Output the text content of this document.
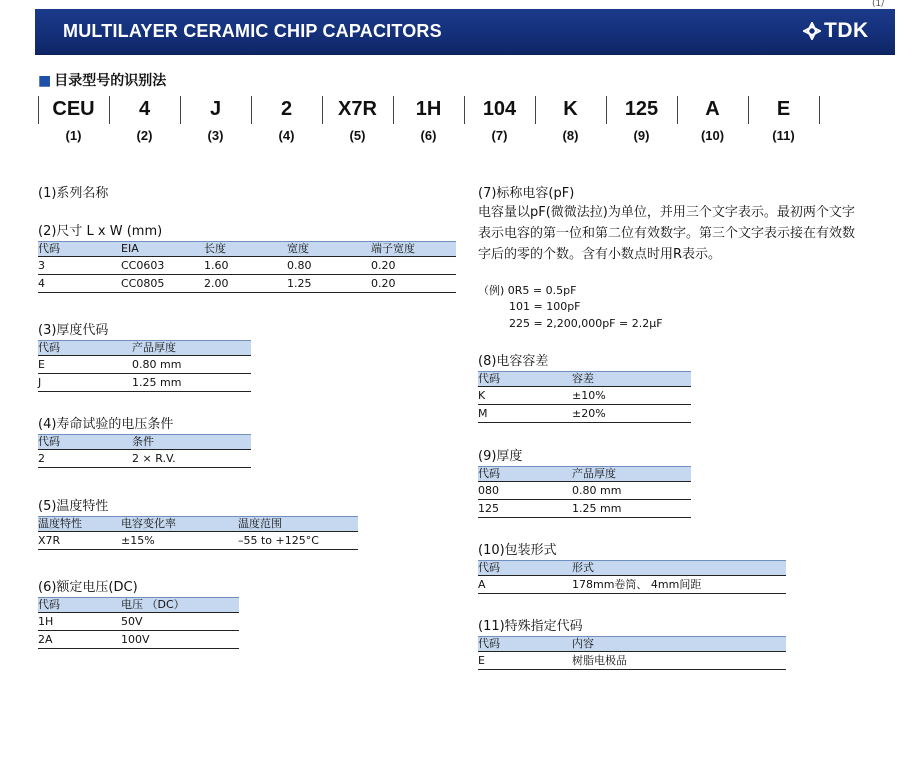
(1/
MULTILAYER CERAMIC CHIP CAPACITORS	TDK
■ 目录型号的识别法
CEU	4	J	2	X7R	1H	104	K	125	A	E
(1)	(2)	(3)	(4)	(5)	(6)	(7)	(8)	(9)	(10)	(11)
(1)系列名称
(2)尺寸 L x W (mm)
代码	EIA	长度	宽度	端子宽度
3	CC0603	1.60	0.80	0.20
4	CC0805	2.00	1.25	0.20
(3)厚度代码
代码	产品厚度
E	0.80 mm
J	1.25 mm
(4)寿命试验的电压条件
代码	条件
2	2 × R.V.
(5)温度特性
温度特性	电容变化率	温度范围
X7R	±15%	–55 to +125°C
(6)额定电压(DC)
代码	电压 （DC）
1H	50V
2A	100V
(7)标称电容(pF)
电容量以pF(微微法拉)为单位，并用三个文字表示。最初两个文字
表示电容的第一位和第二位有效数字。第三个文字表示接在有效数
字后的零的个数。含有小数点时用R表示。
（例) 0R5 = 0.5pF
101 = 100pF
225 = 2,200,000pF = 2.2μF
(8)电容容差
代码	容差
K	±10%
M	±20%
(9)厚度
代码	产品厚度
080	0.80 mm
125	1.25 mm
(10)包装形式
代码	形式
A	178mm卷筒、 4mm间距
(11)特殊指定代码
代码	内容
E	树脂电极品
